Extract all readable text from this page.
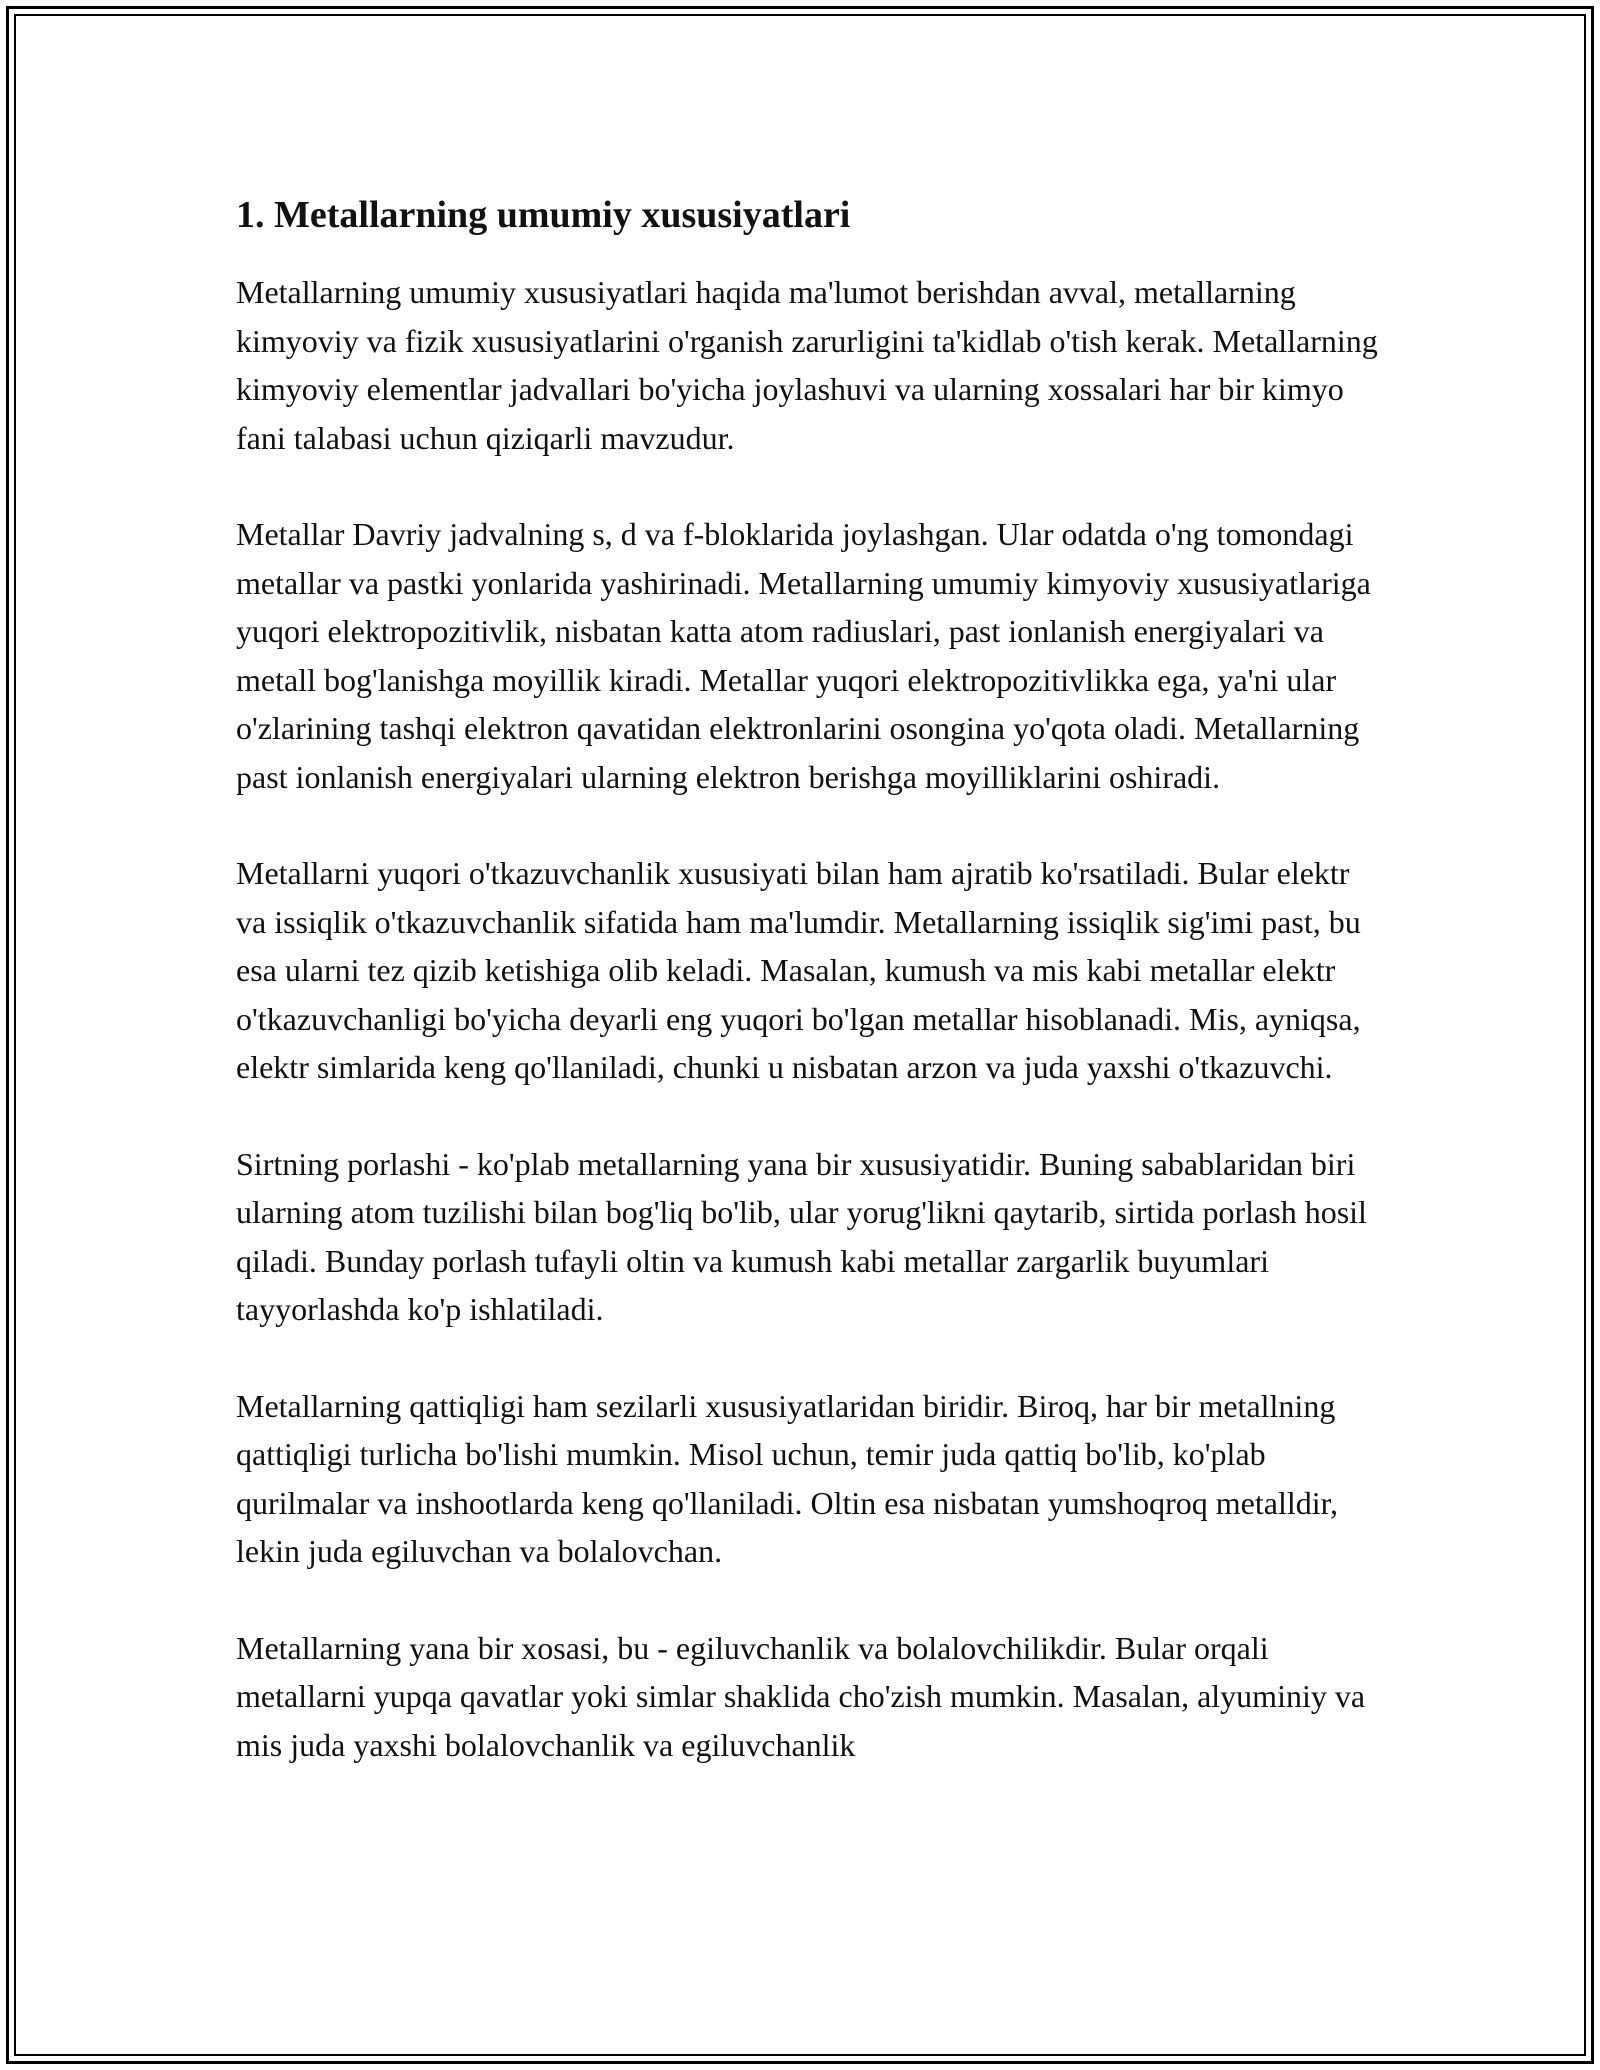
1. Metallarning umumiy xususiyatlari

Metallarning umumiy xususiyatlari haqida ma'lumot berishdan avval, metallarning kimyoviy va fizik xususiyatlarini o'rganish zarurligini ta'kidlab o'tish kerak. Metallarning kimyoviy elementlar jadvallari bo'yicha joylashuvi va ularning xossalari har bir kimyo fani talabasi uchun qiziqarli mavzudur.

Metallar Davriy jadvalning s, d va f-bloklarida joylashgan. Ular odatda o'ng tomondagi metallar va pastki yonlarida yashirinadi. Metallarning umumiy kimyoviy xususiyatlariga yuqori elektropozitivlik, nisbatan katta atom radiuslari, past ionlanish energiyalari va metall bog'lanishga moyillik kiradi. Metallar yuqori elektropozitivlikka ega, ya'ni ular o'zlarining tashqi elektron qavatidan elektronlarini osongina yo'qota oladi. Metallarning past ionlanish energiyalari ularning elektron berishga moyilliklarini oshiradi.

Metallarni yuqori o'tkazuvchanlik xususiyati bilan ham ajratib ko'rsatiladi. Bular elektr va issiqlik o'tkazuvchanlik sifatida ham ma'lumdir. Metallarning issiqlik sig'imi past, bu esa ularni tez qizib ketishiga olib keladi. Masalan, kumush va mis kabi metallar elektr o'tkazuvchanligi bo'yicha deyarli eng yuqori bo'lgan metallar hisoblanadi. Mis, ayniqsa, elektr simlarida keng qo'llaniladi, chunki u nisbatan arzon va juda yaxshi o'tkazuvchi.

Sirtning porlashi - ko'plab metallarning yana bir xususiyatidir. Buning sabablaridan biri ularning atom tuzilishi bilan bog'liq bo'lib, ular yorug'likni qaytarib, sirtida porlash hosil qiladi. Bunday porlash tufayli oltin va kumush kabi metallar zargarlik buyumlari tayyorlashda ko'p ishlatiladi.

Metallarning qattiqligi ham sezilarli xususiyatlaridan biridir. Biroq, har bir metallning qattiqligi turlicha bo'lishi mumkin. Misol uchun, temir juda qattiq bo'lib, ko'plab qurilmalar va inshootlarda keng qo'llaniladi. Oltin esa nisbatan yumshoqroq metalldir, lekin juda egiluvchan va bolalovchan.

Metallarning yana bir xosasi, bu - egiluvchanlik va bolalovchilikdir. Bular orqali metallarni yupqa qavatlar yoki simlar shaklida cho'zish mumkin. Masalan, alyuminiy va mis juda yaxshi bolalovchanlik va egiluvchanlik
